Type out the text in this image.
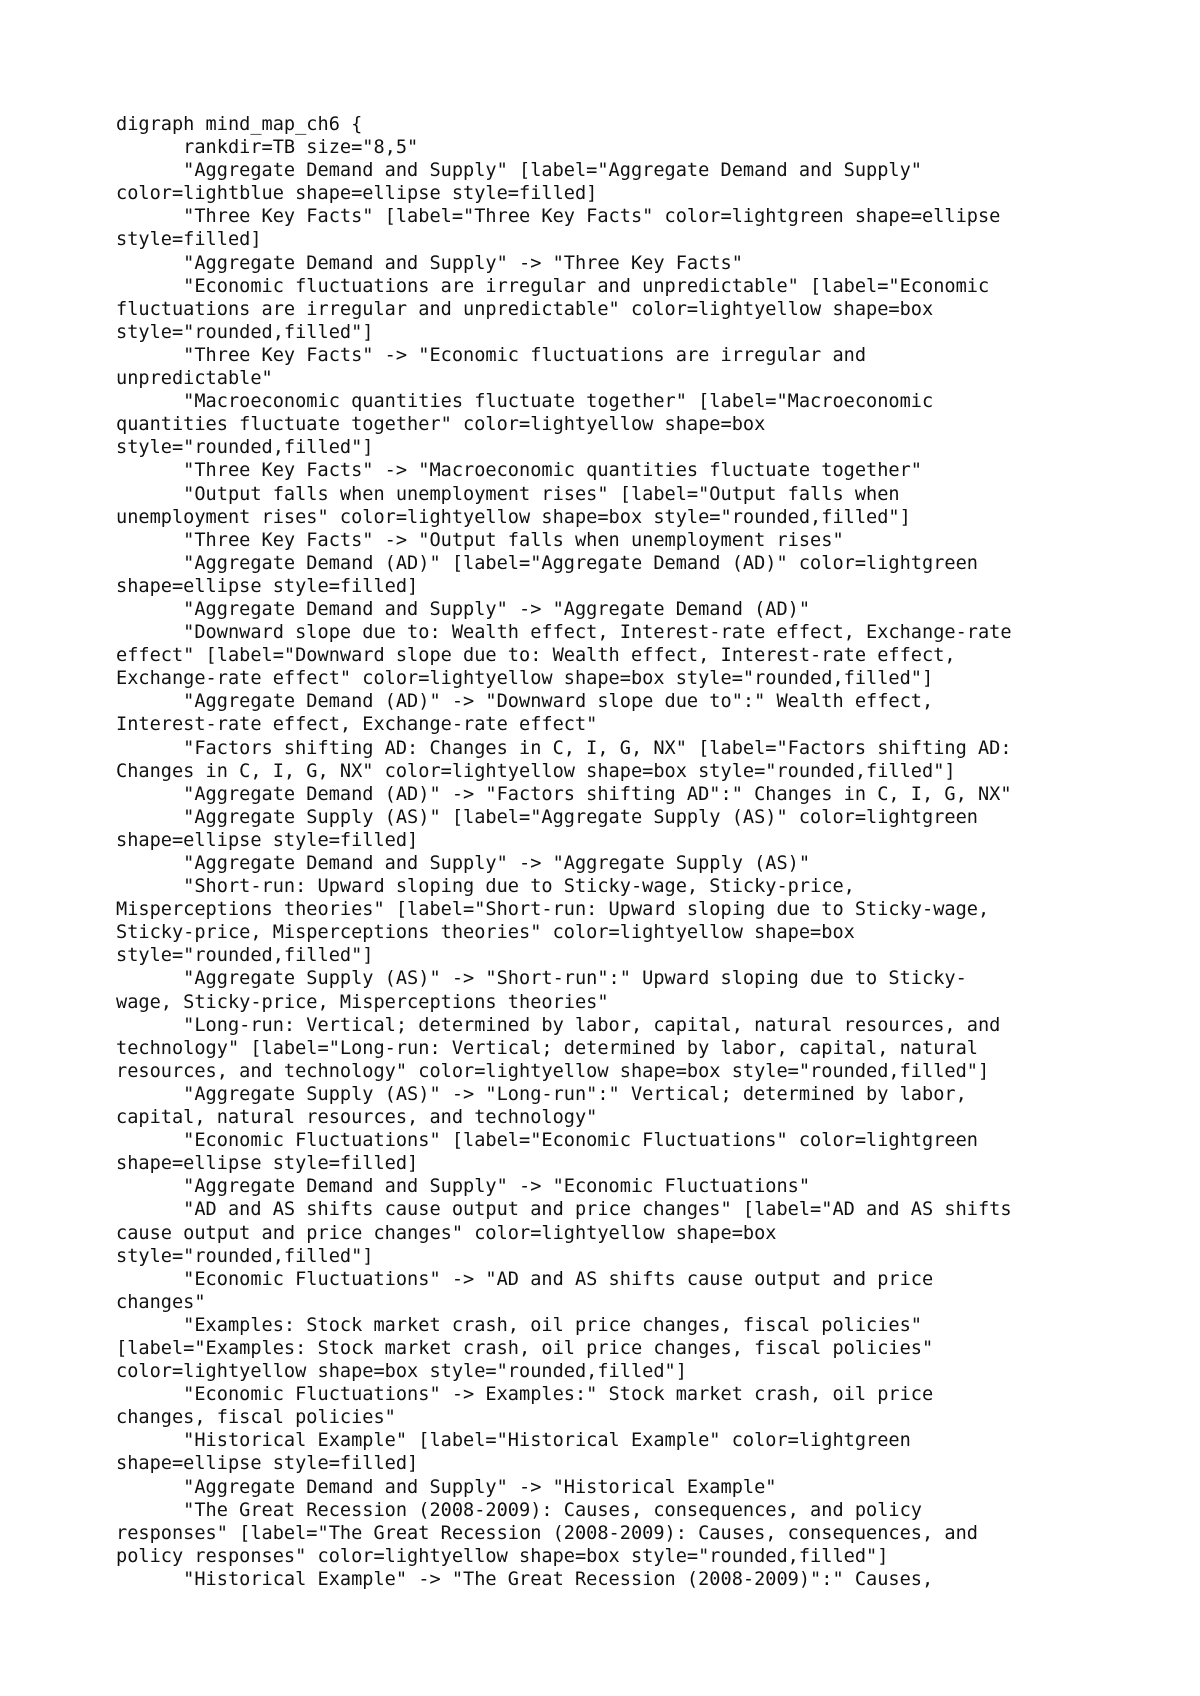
digraph mind_map_ch6 {
rankdir=TB size="8,5"
"Aggregate Demand and Supply" [label="Aggregate Demand and Supply"
color=lightblue shape=ellipse style=filled]
"Three Key Facts" [label="Three Key Facts" color=lightgreen shape=ellipse
style=filled]
"Aggregate Demand and Supply" -> "Three Key Facts"
"Economic fluctuations are irregular and unpredictable" [label="Economic
fluctuations are irregular and unpredictable" color=lightyellow shape=box
style="rounded,filled"]
"Three Key Facts" -> "Economic fluctuations are irregular and
unpredictable"
"Macroeconomic quantities fluctuate together" [label="Macroeconomic
quantities fluctuate together" color=lightyellow shape=box
style="rounded,filled"]
"Three Key Facts" -> "Macroeconomic quantities fluctuate together"
"Output falls when unemployment rises" [label="Output falls when
unemployment rises" color=lightyellow shape=box style="rounded,filled"]
"Three Key Facts" -> "Output falls when unemployment rises"
"Aggregate Demand (AD)" [label="Aggregate Demand (AD)" color=lightgreen
shape=ellipse style=filled]
"Aggregate Demand and Supply" -> "Aggregate Demand (AD)"
"Downward slope due to: Wealth effect, Interest-rate effect, Exchange-rate
effect" [label="Downward slope due to: Wealth effect, Interest-rate effect,
Exchange-rate effect" color=lightyellow shape=box style="rounded,filled"]
"Aggregate Demand (AD)" -> "Downward slope due to":" Wealth effect,
Interest-rate effect, Exchange-rate effect"
"Factors shifting AD: Changes in C, I, G, NX" [label="Factors shifting AD:
Changes in C, I, G, NX" color=lightyellow shape=box style="rounded,filled"]
"Aggregate Demand (AD)" -> "Factors shifting AD":" Changes in C, I, G, NX"
"Aggregate Supply (AS)" [label="Aggregate Supply (AS)" color=lightgreen
shape=ellipse style=filled]
"Aggregate Demand and Supply" -> "Aggregate Supply (AS)"
"Short-run: Upward sloping due to Sticky-wage, Sticky-price,
Misperceptions theories" [label="Short-run: Upward sloping due to Sticky-wage,
Sticky-price, Misperceptions theories" color=lightyellow shape=box
style="rounded,filled"]
"Aggregate Supply (AS)" -> "Short-run":" Upward sloping due to Sticky-
wage, Sticky-price, Misperceptions theories"
"Long-run: Vertical; determined by labor, capital, natural resources, and
technology" [label="Long-run: Vertical; determined by labor, capital, natural
resources, and technology" color=lightyellow shape=box style="rounded,filled"]
"Aggregate Supply (AS)" -> "Long-run":" Vertical; determined by labor,
capital, natural resources, and technology"
"Economic Fluctuations" [label="Economic Fluctuations" color=lightgreen
shape=ellipse style=filled]
"Aggregate Demand and Supply" -> "Economic Fluctuations"
"AD and AS shifts cause output and price changes" [label="AD and AS shifts
cause output and price changes" color=lightyellow shape=box
style="rounded,filled"]
"Economic Fluctuations" -> "AD and AS shifts cause output and price
changes"
"Examples: Stock market crash, oil price changes, fiscal policies"
[label="Examples: Stock market crash, oil price changes, fiscal policies"
color=lightyellow shape=box style="rounded,filled"]
"Economic Fluctuations" -> Examples:" Stock market crash, oil price
changes, fiscal policies"
"Historical Example" [label="Historical Example" color=lightgreen
shape=ellipse style=filled]
"Aggregate Demand and Supply" -> "Historical Example"
"The Great Recession (2008-2009): Causes, consequences, and policy
responses" [label="The Great Recession (2008-2009): Causes, consequences, and
policy responses" color=lightyellow shape=box style="rounded,filled"]
"Historical Example" -> "The Great Recession (2008-2009)":" Causes,
